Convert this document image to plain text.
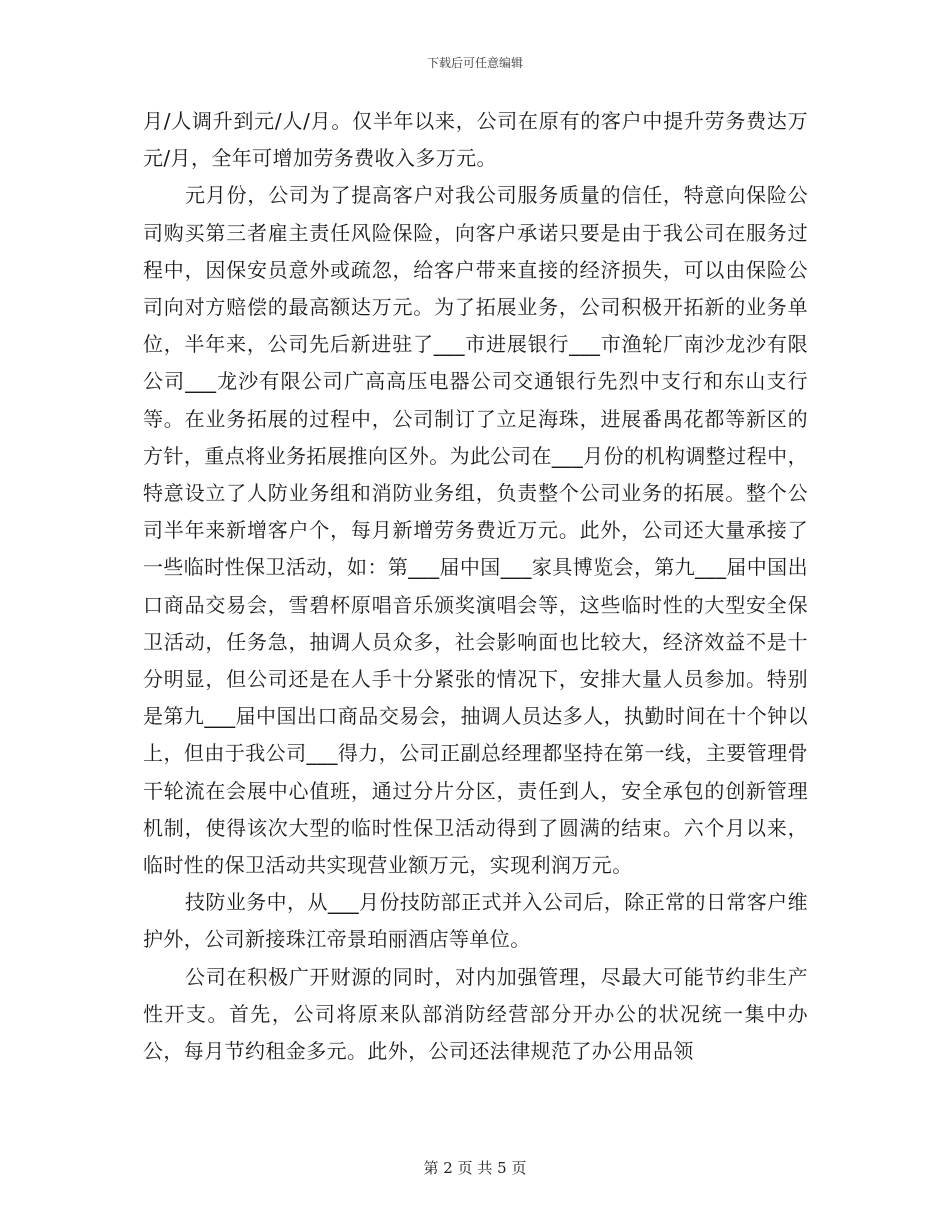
下载后可任意编辑

月/人调升到元/人/月。仅半年以来，公司在原有的客户中提升劳务费达万元/月，全年可增加劳务费收入多万元。

元月份，公司为了提高客户对我公司服务质量的信任，特意向保险公司购买第三者雇主责任风险保险，向客户承诺只要是由于我公司在服务过程中，因保安员意外或疏忽，给客户带来直接的经济损失，可以由保险公司向对方赔偿的最高额达万元。为了拓展业务，公司积极开拓新的业务单位，半年来，公司先后新进驻了___市进展银行___市渔轮厂南沙龙沙有限公司___龙沙有限公司广高高压电器公司交通银行先烈中支行和东山支行等。在业务拓展的过程中，公司制订了立足海珠，进展番禺花都等新区的方针，重点将业务拓展推向区外。为此公司在___月份的机构调整过程中，特意设立了人防业务组和消防业务组，负责整个公司业务的拓展。整个公司半年来新增客户个，每月新增劳务费近万元。此外，公司还大量承接了一些临时性保卫活动，如：第___届中国___家具博览会，第九___届中国出口商品交易会，雪碧杯原唱音乐颁奖演唱会等，这些临时性的大型安全保卫活动，任务急，抽调人员众多，社会影响面也比较大，经济效益不是十分明显，但公司还是在人手十分紧张的情况下，安排大量人员参加。特别是第九___届中国出口商品交易会，抽调人员达多人，执勤时间在十个钟以上，但由于我公司___得力，公司正副总经理都坚持在第一线，主要管理骨干轮流在会展中心值班，通过分片分区，责任到人，安全承包的创新管理机制，使得该次大型的临时性保卫活动得到了圆满的结束。六个月以来，临时性的保卫活动共实现营业额万元，实现利润万元。

技防业务中，从___月份技防部正式并入公司后，除正常的日常客户维护外，公司新接珠江帝景珀丽酒店等单位。

公司在积极广开财源的同时，对内加强管理，尽最大可能节约非生产性开支。首先，公司将原来队部消防经营部分开办公的状况统一集中办公，每月节约租金多元。此外，公司还法律规范了办公用品领

第 2 页 共 5 页
